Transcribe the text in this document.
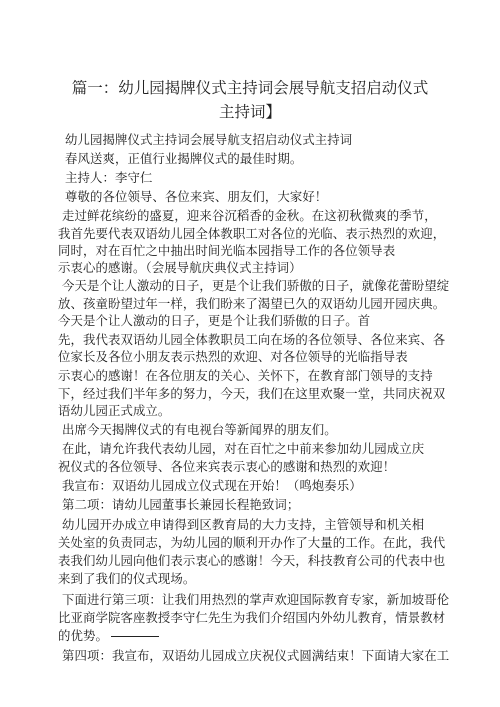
篇一：幼儿园揭牌仪式主持词会展导航支招启动仪式
主持词】
幼儿园揭牌仪式主持词会展导航支招启动仪式主持词
春风送爽，正值行业揭牌仪式的最佳时期。
主持人：李守仁
尊敬的各位领导、各位来宾、朋友们，大家好！
走过鲜花缤纷的盛夏，迎来谷沉稻香的金秋。在这初秋微爽的季节，
我首先要代表双语幼儿园全体教职工对各位的光临、表示热烈的欢迎，
同时，对在百忙之中抽出时间光临本园指导工作的各位领导表
示衷心的感谢。（会展导航庆典仪式主持词）
今天是个让人激动的日子，更是个让我们骄傲的日子，就像花蕾盼望绽
放、孩童盼望过年一样，我们盼来了渴望已久的双语幼儿园开园庆典。
今天是个让人激动的日子，更是个让我们骄傲的日子。首
先，我代表双语幼儿园全体教职员工向在场的各位领导、各位来宾、各
位家长及各位小朋友表示热烈的欢迎、对各位领导的光临指导表
示衷心的感谢！在各位朋友的关心、关怀下，在教育部门领导的支持
下，经过我们半年多的努力，今天，我们在这里欢聚一堂，共同庆祝双
语幼儿园正式成立。
出席今天揭牌仪式的有电视台等新闻界的朋友们。
在此，请允许我代表幼儿园，对在百忙之中前来参加幼儿园成立庆
祝仪式的各位领导、各位来宾表示衷心的感谢和热烈的欢迎！
我宣布：双语幼儿园成立仪式现在开始！（鸣炮奏乐）
第二项：请幼儿园董事长兼园长程艳致词；
幼儿园开办成立申请得到区教育局的大力支持，主管领导和机关相
关处室的负责同志，为幼儿园的顺利开办作了大量的工作。在此，我代
表我们幼儿园向他们表示衷心的感谢！今天，科技教育公司的代表中也
来到了我们的仪式现场。
下面进行第三项：让我们用热烈的掌声欢迎国际教育专家，新加坡哥伦
比亚商学院客座教授李守仁先生为我们介绍国内外幼儿教育，情景教材
的优势。
第四项：我宣布，双语幼儿园成立庆祝仪式圆满结束！下面请大家在工
